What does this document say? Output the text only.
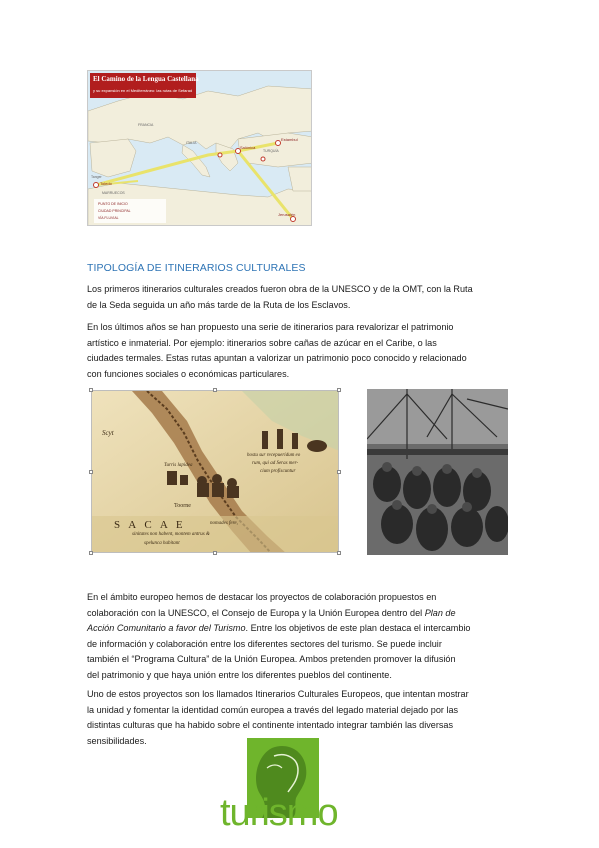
El Camino de la Lengua Castellana
y su expansión en el Mediterráneo: las rutas de Sefarad
Toledo
Salónica
Estambul
Jerusalén
ITALIA
FRANCIA
TURQUÍA
MARRUECOS
Tanger
PUNTO DE INICIO
CIUDAD PRINCIPAL
VÍA FLUVIAL
TIPOLOGÍA DE ITINERARIOS CULTURALES
Los primeros itinerarios culturales creados fueron obra de la UNESCO y de la OMT, con la Ruta
de la Seda seguida un año más tarde de la Ruta de los Esclavos.
En los últimos años se han propuesto una serie de itinerarios para revalorizar el patrimonio
artístico e inmaterial. Por ejemplo: itinerarios sobre cañas de azúcar en el Caribe, o las
ciudades termales. Estas rutas apuntan a valorizar un patrimonio poco conocido y relacionado
con funciones sociales o económicas particulares.
Scyt
Turris lapidea
Toorne
S A C A E	nomades fere,
sinitates non habent, montem antrus &
spelunca habitant
hostu sur recepueridum eo
rum, qui ad Seras mer-
cium profiscuntur
En el ámbito europeo hemos de destacar los proyectos de colaboración propuestos en
colaboración con la UNESCO, el Consejo de Europa y la Unión Europea dentro del Plan de
Acción Comunitario a favor del Turismo. Entre los objetivos de este plan destaca el intercambio
de información y colaboración entre los diferentes sectores del turismo. Se puede incluir
también el “Programa Cultura” de la Unión Europea. Ambos pretenden promover la difusión
del patrimonio y que haya unión entre los diferentes pueblos del continente.
Uno de estos proyectos son los llamados Itinerarios Culturales Europeos, que intentan mostrar
la unidad y fomentar la identidad común europea a través del legado material dejado por las
distintas culturas que ha habido sobre el continente intentado integrar también las diversas
sensibilidades.
turismo
